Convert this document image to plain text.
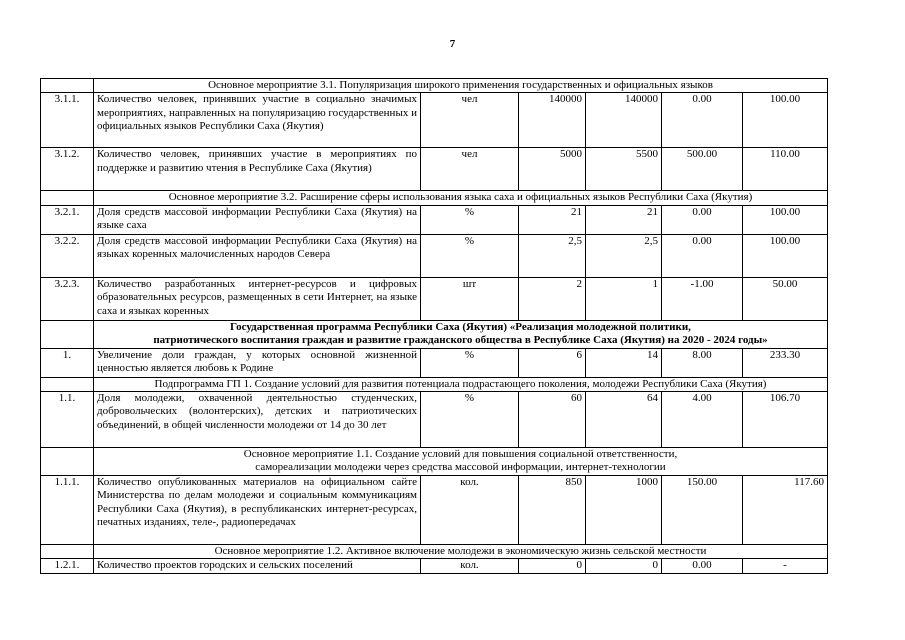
7

	Основное мероприятие 3.1. Популяризация широкого применения государственных и официальных языков					

3.1.1.	Количество человек, принявших участие в социально значимых мероприятиях, направленных на популяризацию государственных и официальных языков Республики Саха (Якутия)	чел	140000	140000	0.00	100.00
3.1.2.	Количество человек, принявших участие в мероприятиях по поддержке и развитию чтения в Республике Саха (Якутия)	чел	5000	5500	500.00	110.00

	Основное мероприятие 3.2. Расширение сферы использования языка саха и официальных языков Республики Саха (Якутия)					

3.2.1.	Доля средств массовой информации Республики Саха (Якутия) на языке саха	%	21	21	0.00	100.00
3.2.2.	Доля средств массовой информации Республики Саха (Якутия) на языках коренных малочисленных народов Севера	%	2,5	2,5	0.00	100.00
3.2.3.	Количество разработанных интернет-ресурсов и цифровых образовательных ресурсов, размещенных в сети Интернет, на языке саха и языках коренных	шт	2	1	-1.00	50.00

	Государственная программа Республики Саха (Якутия) «Реализация молодежной политики,
патриотического воспитания граждан и развитие гражданского общества в Республике Саха (Якутия) на 2020 - 2024 годы»					

1.	Увеличение доли граждан, у которых основной жизненной ценностью является любовь к Родине	%	6	14	8.00	233.30

	Подпрограмма ГП 1. Создание условий для развития потенциала подрастающего поколения, молодежи Республики Саха (Якутия)					

1.1.	Доля молодежи, охваченной деятельностью студенческих, добровольческих (волонтерских), детских и патриотических объединений, в общей численности молодежи от 14 до 30 лет	%	60	64	4.00	106.70

	Основное мероприятие 1.1. Создание условий для повышения социальной ответственности,
самореализации молодежи через средства массовой информации, интернет-технологии					

1.1.1.	Количество опубликованных материалов на официальном сайте Министерства по делам молодежи и социальным коммуникациям Республики Саха (Якутия), в республиканских интернет-ресурсах, печатных изданиях, теле-, радиопередачах	кол.	850	1000	150.00	117.60

	Основное мероприятие 1.2. Активное включение молодежи в экономическую жизнь сельской местности					

1.2.1.	Количество проектов городских и сельских поселений	кол.	0	0	0.00	-
